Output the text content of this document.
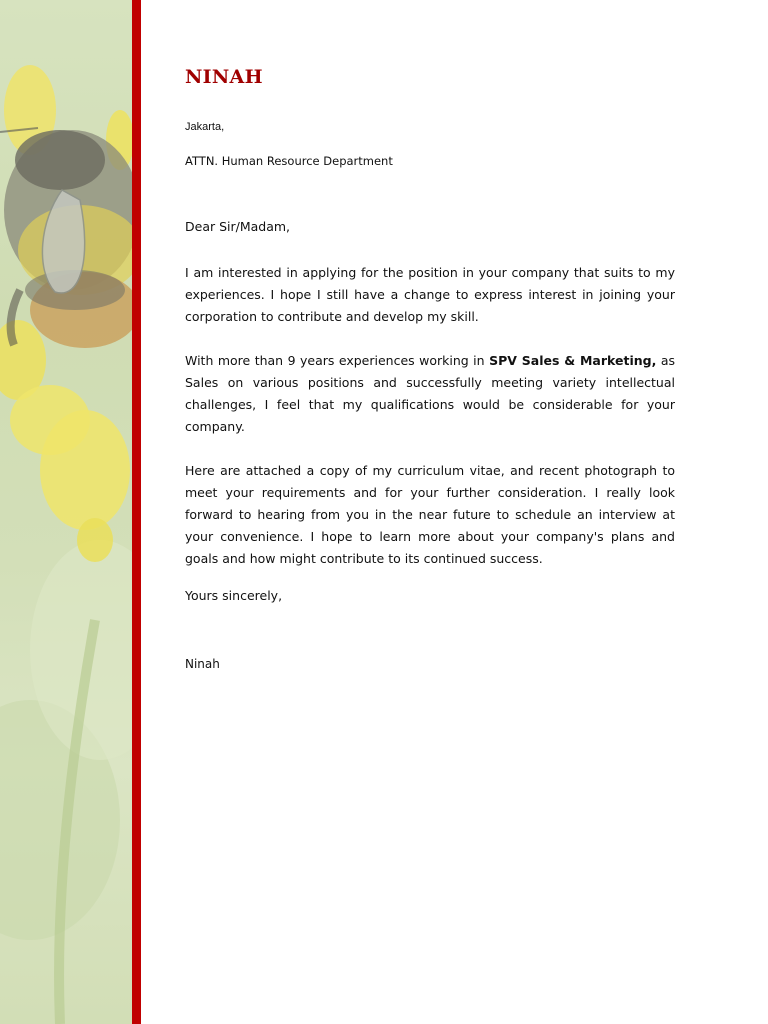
NINAH
Jakarta,
ATTN. Human Resource Department
Dear Sir/Madam,

I am interested in applying for the position in your company that suits to my experiences. I hope I still have a change to express interest in joining your corporation to contribute and develop my skill.

With more than 9 years experiences working in SPV Sales & Marketing, as Sales on various positions and successfully meeting variety intellectual challenges, I feel that my qualifications would be considerable for your company.

Here are attached a copy of my curriculum vitae, and recent photograph to meet your requirements and for your further consideration. I really look forward to hearing from you in the near future to schedule an interview at your convenience. I hope to learn more about your company's plans and goals and how might contribute to its continued success.

Yours sincerely,
Ninah
